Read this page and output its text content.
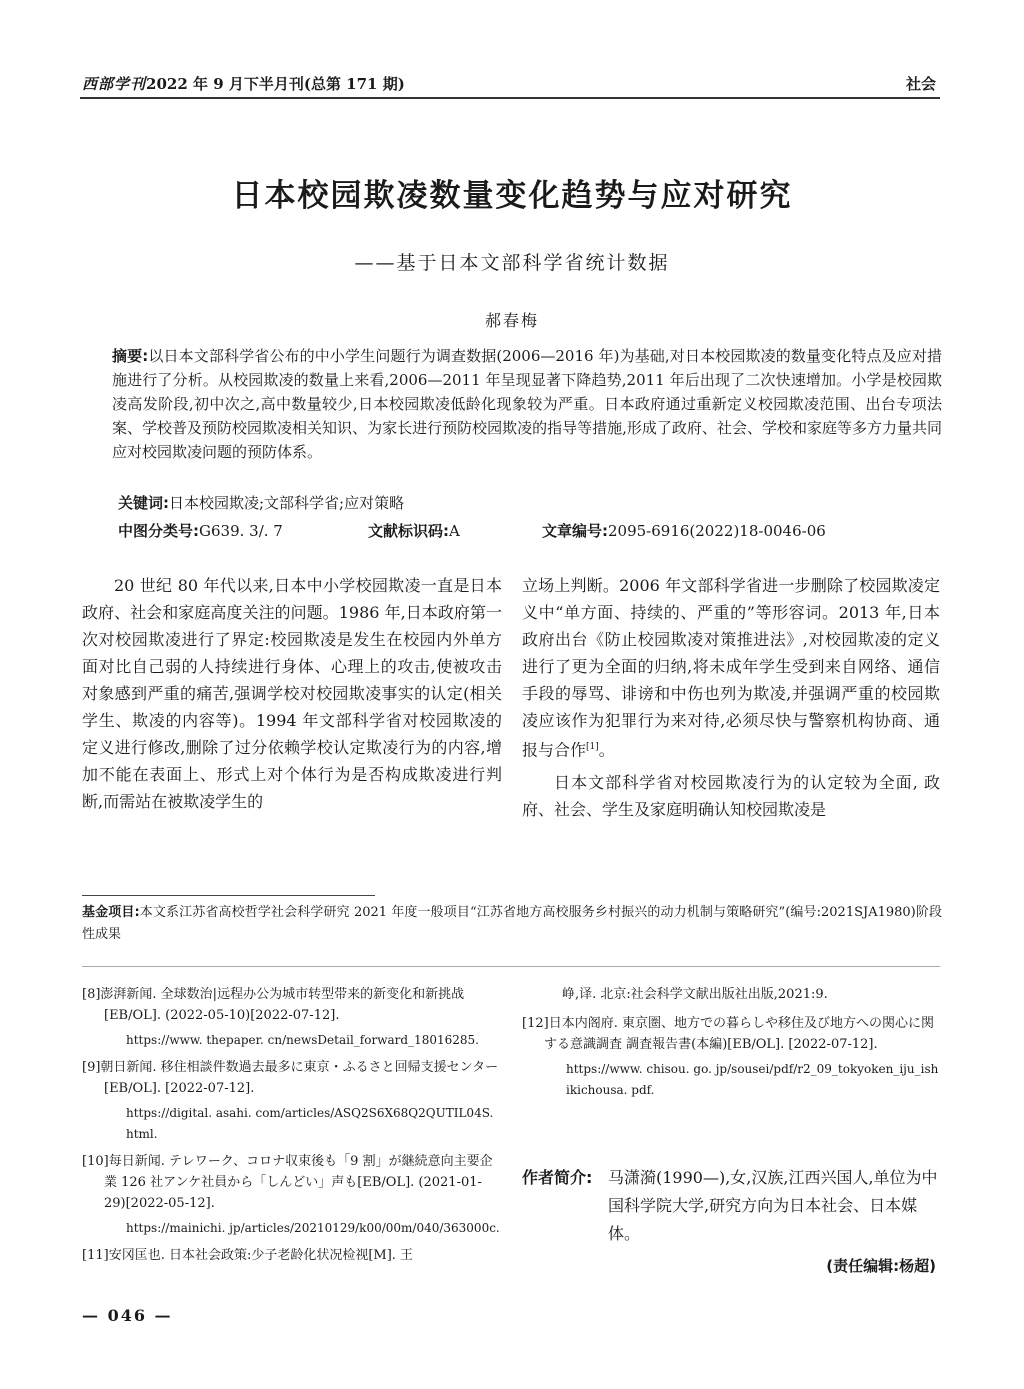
西部学刊2022 年 9 月下半月刊(总第 171 期)	社会
日本校园欺凌数量变化趋势与应对研究
——基于日本文部科学省统计数据
郝春梅
摘要:以日本文部科学省公布的中小学生问题行为调查数据(2006—2016 年)为基础,对日本校园欺凌的数量变化特点及应对措施进行了分析。从校园欺凌的数量上来看,2006—2011 年呈现显著下降趋势,2011 年后出现了二次快速增加。小学是校园欺凌高发阶段,初中次之,高中数量较少,日本校园欺凌低龄化现象较为严重。日本政府通过重新定义校园欺凌范围、出台专项法案、学校普及预防校园欺凌相关知识、为家长进行预防校园欺凌的指导等措施,形成了政府、社会、学校和家庭等多方力量共同应对校园欺凌问题的预防体系。
关键词:日本校园欺凌;文部科学省;应对策略
中图分类号:G639. 3/. 7	文献标识码:A	文章编号:2095-6916(2022)18-0046-06

20 世纪 80 年代以来,日本中小学校园欺凌一直是日本政府、社会和家庭高度关注的问题。1986 年,日本政府第一次对校园欺凌进行了界定:校园欺凌是发生在校园内外单方面对比自己弱的人持续进行身体、心理上的攻击,使被攻击对象感到严重的痛苦,强调学校对校园欺凌事实的认定(相关学生、欺凌的内容等)。1994 年文部科学省对校园欺凌的定义进行修改,删除了过分依赖学校认定欺凌行为的内容,增加不能在表面上、形式上对个体行为是否构成欺凌进行判断,而需站在被欺凌学生的

立场上判断。2006 年文部科学省进一步删除了校园欺凌定义中“单方面、持续的、严重的”等形容词。2013 年,日本政府出台《防止校园欺凌对策推进法》,对校园欺凌的定义进行了更为全面的归纳,将未成年学生受到来自网络、通信手段的辱骂、诽谤和中伤也列为欺凌,并强调严重的校园欺凌应该作为犯罪行为来对待,必须尽快与警察机构协商、通报与合作[1]。

日本文部科学省对校园欺凌行为的认定较为全面, 政府、社会、学生及家庭明确认知校园欺凌是

基金项目:本文系江苏省高校哲学社会科学研究 2021 年度一般项目“江苏省地方高校服务乡村振兴的动力机制与策略研究”(编号:2021SJA1980)阶段性成果

[8]澎湃新闻. 全球数治|远程办公为城市转型带来的新变化和新挑战[EB/OL]. (2022-05-10)[2022-07-12].
https://www. thepaper. cn/newsDetail_forward_18016285.

[9]朝日新闻. 移住相談件数過去最多に東京・ふるさと回帰支援センター[EB/OL]. [2022-07-12].
https://digital. asahi. com/articles/ASQ2S6X68Q2QUTIL04S. html.

[10]每日新闻. テレワーク、コロナ収束後も「9 割」が継続意向主要企業 126 社アンケ社員から「しんどい」声も[EB/OL]. (2021-01-29)[2022-05-12].
https://mainichi. jp/articles/20210129/k00/00m/040/363000c.

[11]安冈匡也. 日本社会政策:少子老龄化状况检视[M]. 王

峥,译. 北京:社会科学文献出版社出版,2021:9.

[12]日本内阁府. 東京圏、地方での暮らしや移住及び地方への関心に関する意識調査 調査報告書(本編)[EB/OL]. [2022-07-12].
https://www. chisou. go. jp/sousei/pdf/r2_09_tokyoken_iju_ishikichousa. pdf.

作者简介: 马潇漪(1990—),女,汉族,江西兴国人,单位为中国科学院大学,研究方向为日本社会、日本媒体。
(责任编辑:杨超)
— 046 —
